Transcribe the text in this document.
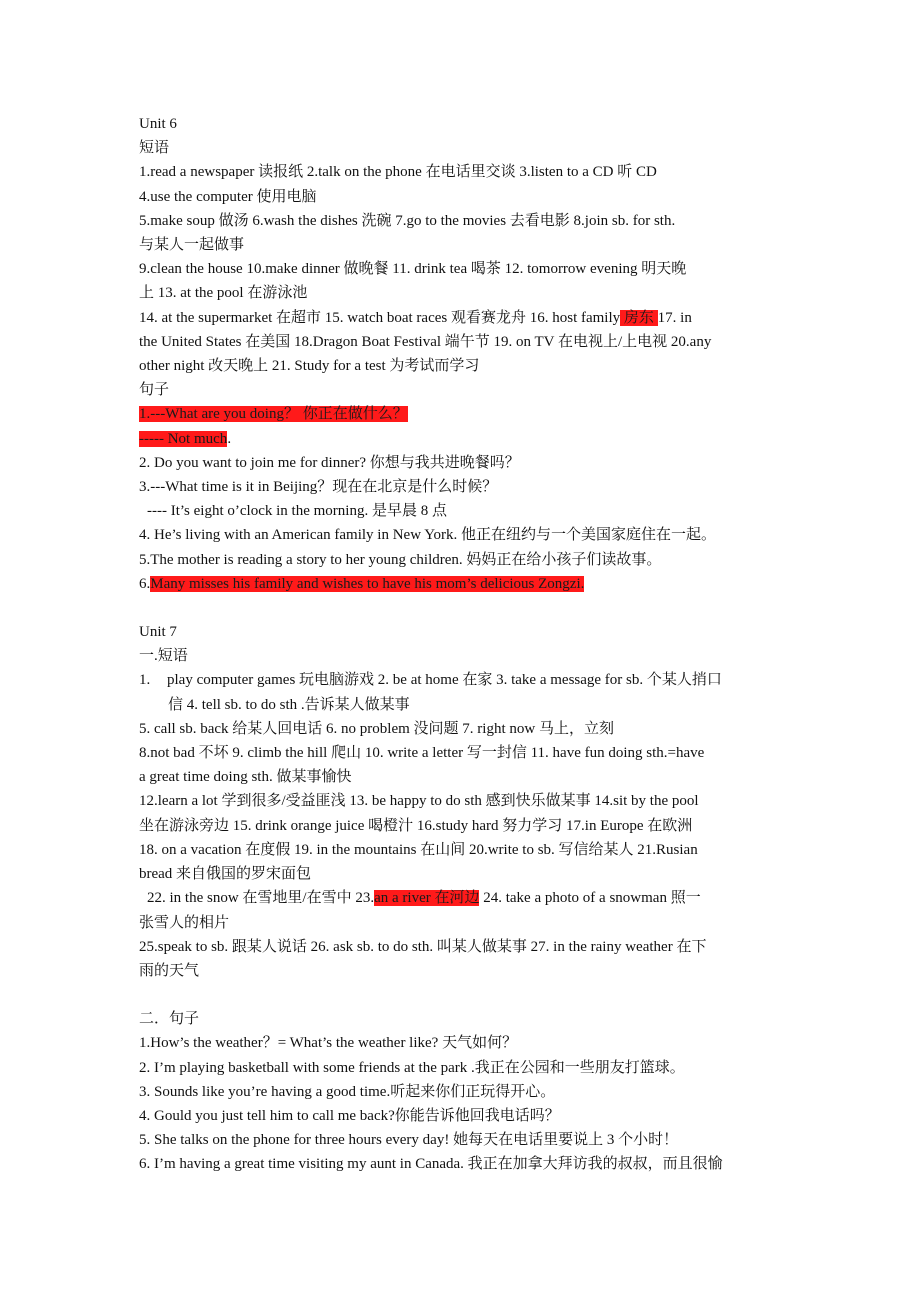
Unit 6
短语
1.read a newspaper 读报纸 2.talk on the phone 在电话里交谈 3.listen to a CD 听 CD
4.use the computer 使用电脑
5.make soup 做汤 6.wash the dishes 洗碗 7.go to the movies 去看电影 8.join sb. for sth.
与某人一起做事
9.clean the house 10.make dinner 做晚餐 11. drink tea 喝茶 12. tomorrow evening 明天晚
上 13. at the pool 在游泳池
14. at the supermarket 在超市 15. watch boat races 观看赛龙舟 16. host family 房东 17. in
the United States 在美国 18.Dragon Boat Festival 端午节 19. on TV 在电视上/上电视 20.any
other night 改天晚上 21. Study for a test 为考试而学习
句子
1.---What are you doing？ 你正在做什么？
----- Not much.
2. Do you want to join me for dinner? 你想与我共进晚餐吗？
3.---What time is it in Beijing？现在在北京是什么时候？
---- It’s eight o’clock in the morning. 是早晨 8 点
4. He’s living with an American family in New York. 他正在纽约与一个美国家庭住在一起。
5.The mother is reading a story to her young children. 妈妈正在给小孩子们读故事。
6.Many misses his family and wishes to have his mom’s delicious Zongzi.
Unit 7
一.短语
1. play computer games 玩电脑游戏 2. be at home 在家 3. take a message for sb. 个某人捎口
信 4. tell sb. to do sth .告诉某人做某事
5. call sb. back 给某人回电话 6. no problem 没问题 7. right now 马上，立刻
8.not bad 不坏 9. climb the hill 爬山 10. write a letter 写一封信 11. have fun doing sth.=have
a great time doing sth. 做某事愉快
12.learn a lot 学到很多/受益匪浅 13. be happy to do sth 感到快乐做某事 14.sit by the pool
坐在游泳旁边 15. drink orange juice 喝橙汁 16.study hard 努力学习 17.in Europe 在欧洲
18. on a vacation 在度假 19. in the mountains 在山间 20.write to sb. 写信给某人 21.Rusian
bread 来自俄国的罗宋面包
22. in the snow 在雪地里/在雪中 23.an a river 在河边 24. take a photo of a snowman 照一
张雪人的相片
25.speak to sb. 跟某人说话 26. ask sb. to do sth. 叫某人做某事 27. in the rainy weather 在下
雨的天气
二．句子
1.How’s the weather？= What’s the weather like? 天气如何？
2. I’m playing basketball with some friends at the park .我正在公园和一些朋友打篮球。
3. Sounds like you’re having a good time.听起来你们正玩得开心。
4. Gould you just tell him to call me back?你能告诉他回我电话吗？
5. She talks on the phone for three hours every day! 她每天在电话里要说上 3 个小时！
6. I’m having a great time visiting my aunt in Canada. 我正在加拿大拜访我的叔叔，而且很愉
